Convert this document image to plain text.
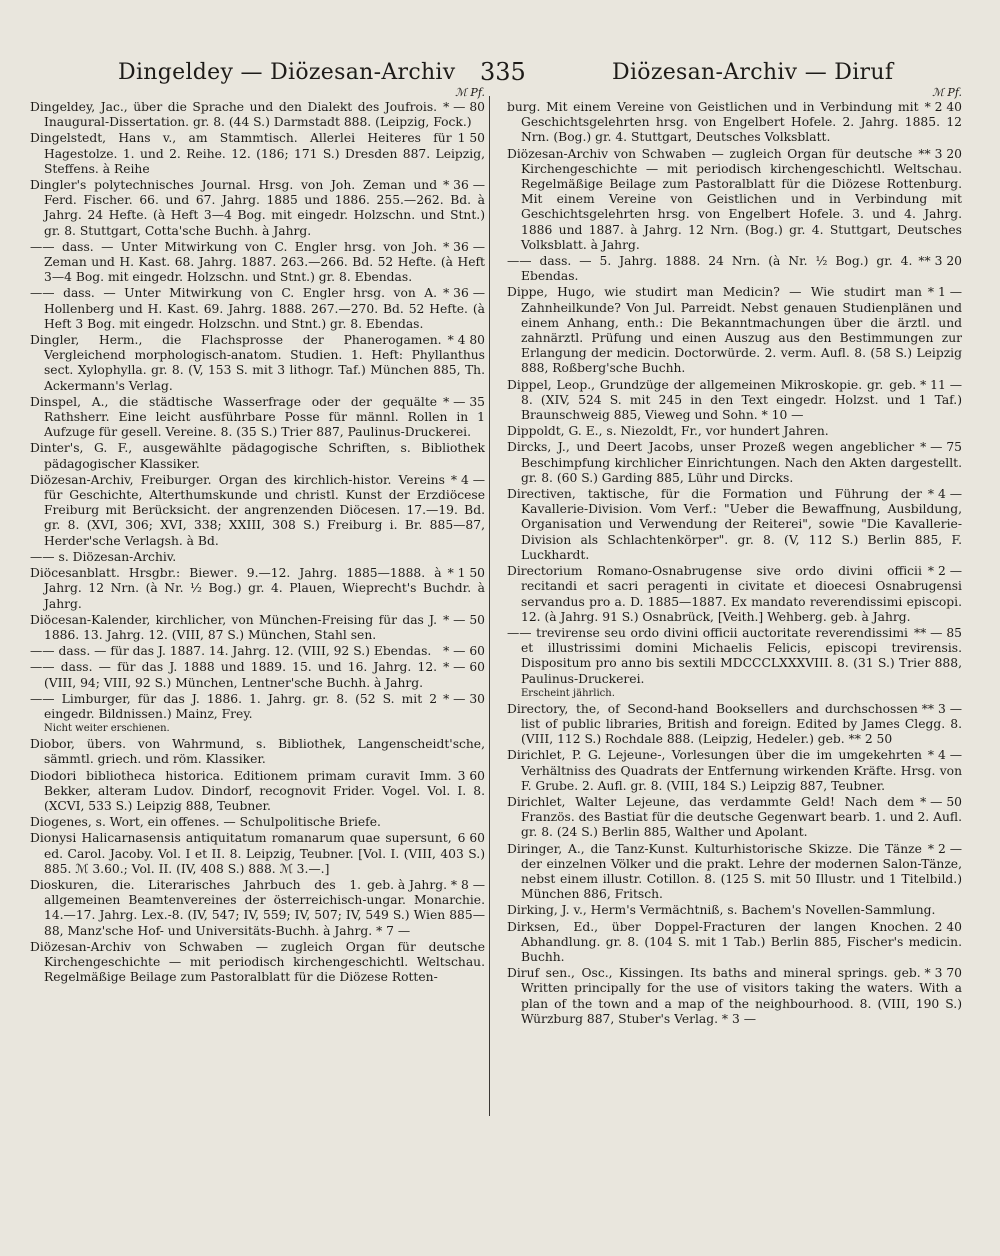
Dingeldey — Diözesan-Archiv 335	Diözesan-Archiv — Diruf
ℳ Pf.
* — 80
Dingeldey, Jac., über die Sprache und den Dialekt des Joufrois. Inaugural-Dissertation. gr. 8. (44 S.) Darmstadt 888. (Leipzig, Fock.)
1 50
Dingelstedt, Hans v., am Stammtisch. Allerlei Heiteres für Hagestolze. 1. und 2. Reihe. 12. (186; 171 S.) Dresden 887. Leipzig, Steffens. à Reihe
* 36 —
Dingler's polytechnisches Journal. Hrsg. von Joh. Zeman und Ferd. Fischer. 66. und 67. Jahrg. 1885 und 1886. 255.—262. Bd. à Jahrg. 24 Hefte. (à Heft 3—4 Bog. mit eingedr. Holzschn. und Stnt.) gr. 8. Stuttgart, Cotta'sche Buchh. à Jahrg.
* 36 —
—— dass. — Unter Mitwirkung von C. Engler hrsg. von Joh. Zeman und H. Kast. 68. Jahrg. 1887. 263.—266. Bd. 52 Hefte. (à Heft 3—4 Bog. mit eingedr. Holzschn. und Stnt.) gr. 8. Ebendas.
* 36 —
—— dass. — Unter Mitwirkung von C. Engler hrsg. von A. Hollenberg und H. Kast. 69. Jahrg. 1888. 267.—270. Bd. 52 Hefte. (à Heft 3 Bog. mit eingedr. Holzschn. und Stnt.) gr. 8. Ebendas.
* 4 80
Dingler, Herm., die Flachsprosse der Phanerogamen. Vergleichend morphologisch-anatom. Studien. 1. Heft: Phyllanthus sect. Xylophylla. gr. 8. (V, 153 S. mit 3 lithogr. Taf.) München 885, Th. Ackermann's Verlag.
* — 35
Dinspel, A., die städtische Wasserfrage oder der gequälte Rathsherr. Eine leicht ausführbare Posse für männl. Rollen in 1 Aufzuge für gesell. Vereine. 8. (35 S.) Trier 887, Paulinus-Druckerei.
Dinter's, G. F., ausgewählte pädagogische Schriften, s. Bibliothek pädagogischer Klassiker.
* 4 —
Diözesan-Archiv, Freiburger. Organ des kirchlich-histor. Vereins für Geschichte, Alterthumskunde und christl. Kunst der Erzdiöcese Freiburg mit Berücksicht. der angrenzenden Diöcesen. 17.—19. Bd. gr. 8. (XVI, 306; XVI, 338; XXIII, 308 S.) Freiburg i. Br. 885—87, Herder'sche Verlagsh. à Bd.
—— s. Diözesan-Archiv.
* 1 50
Diöcesanblatt. Hrsgbr.: Biewег. 9.—12. Jahrg. 1885—1888. à Jahrg. 12 Nrn. (à Nr. ½ Bog.) gr. 4. Plauen, Wieprecht's Buchdr. à Jahrg.
* — 50
Diöcesan-Kalender, kirchlicher, von München-Freising für das J. 1886. 13. Jahrg. 12. (VIII, 87 S.) München, Stahl sen.
* — 60
—— dass. — für das J. 1887. 14. Jahrg. 12. (VIII, 92 S.) Ebendas.
* — 60
—— dass. — für das J. 1888 und 1889. 15. und 16. Jahrg. 12. (VIII, 94; VIII, 92 S.) München, Lentner'sche Buchh. à Jahrg.
* — 30
—— Limburger, für das J. 1886. 1. Jahrg. gr. 8. (52 S. mit 2 eingedr. Bildnissen.) Mainz, Frey.
Nicht weiter erschienen.
Diobor, übers. von Wahrmund, s. Bibliothek, Langenscheidt'sche, sämmtl. griech. und röm. Klassiker.
3 60
Diodori bibliotheca historica. Editionem primam curavit Imm. Bekker, alteram Ludov. Dindorf, recognovit Frider. Vogel. Vol. I. 8. (XCVI, 533 S.) Leipzig 888, Teubner.
Diogenes, s. Wort, ein offenes. — Schulpolitische Briefe.
6 60
Dionysi Halicarnasensis antiquitatum romanarum quae supersunt, ed. Carol. Jacoby. Vol. I et II. 8. Leipzig, Teubner. [Vol. I. (VIII, 403 S.) 885. ℳ 3.60.; Vol. II. (IV, 408 S.) 888. ℳ 3.—.]
geb. à Jahrg. * 8 —
Dioskuren, die. Literarisches Jahrbuch des 1. allgemeinen Beamtenvereines der österreichisch-ungar. Monarchie. 14.—17. Jahrg. Lex.-8. (IV, 547; IV, 559; IV, 507; IV, 549 S.) Wien 885—88, Manz'sche Hof- und Universitäts-Buchh. à Jahrg. * 7 —
Diözesan-Archiv von Schwaben — zugleich Organ für deutsche Kirchengeschichte — mit periodisch kirchengeschichtl. Weltschau. Regelmäßige Beilage zum Pastoralblatt für die Diözese Rotten-
ℳ Pf.
* 2 40
burg. Mit einem Vereine von Geistlichen und in Verbindung mit Geschichtsgelehrten hrsg. von Engelbert Hofele. 2. Jahrg. 1885. 12 Nrn. (Bog.) gr. 4. Stuttgart, Deutsches Volksblatt.
** 3 20
Diözesan-Archiv von Schwaben — zugleich Organ für deutsche Kirchengeschichte — mit periodisch kirchengeschichtl. Weltschau. Regelmäßige Beilage zum Pastoralblatt für die Diözese Rottenburg. Mit einem Vereine von Geistlichen und in Verbindung mit Geschichtsgelehrten hrsg. von Engelbert Hofele. 3. und 4. Jahrg. 1886 und 1887. à Jahrg. 12 Nrn. (Bog.) gr. 4. Stuttgart, Deutsches Volksblatt. à Jahrg.
** 3 20
—— dass. — 5. Jahrg. 1888. 24 Nrn. (à Nr. ½ Bog.) gr. 4. Ebendas.
* 1 —
Dippe, Hugo, wie studirt man Medicin? — Wie studirt man Zahnheilkunde? Von Jul. Parreidt. Nebst genauen Studienplänen und einem Anhang, enth.: Die Bekanntmachungen über die ärztl. und zahnärztl. Prüfung und einen Auszug aus den Bestimmungen zur Erlangung der medicin. Doctorwürde. 2. verm. Aufl. 8. (58 S.) Leipzig 888, Roßberg'sche Buchh.
geb. * 11 —
Dippel, Leop., Grundzüge der allgemeinen Mikroskopie. gr. 8. (XIV, 524 S. mit 245 in den Text eingedr. Holzst. und 1 Taf.) Braunschweig 885, Vieweg und Sohn. * 10 —
Dippoldt, G. E., s. Niezoldt, Fr., vor hundert Jahren.
* — 75
Dircks, J., und Deert Jacobs, unser Prozeß wegen angeblicher Beschimpfung kirchlicher Einrichtungen. Nach den Akten dargestellt. gr. 8. (60 S.) Garding 885, Lühr und Dircks.
* 4 —
Directiven, taktische, für die Formation und Führung der Kavallerie-Division. Vom Verf.: "Ueber die Bewaffnung, Ausbildung, Organisation und Verwendung der Reiterei", sowie "Die Kavallerie-Division als Schlachtenkörper". gr. 8. (V, 112 S.) Berlin 885, F. Luckhardt.
* 2 —
Directorium Romano-Osnabrugense sive ordo divini officii recitandi et sacri peragenti in civitate et dioecesi Osnabrugensi servandus pro a. D. 1885—1887. Ex mandato reverendissimi episcopi. 12. (à Jahrg. 91 S.) Osnabrück, [Veith.] Wehberg. geb. à Jahrg.
** — 85
—— trevirense seu ordo divini officii auctoritate reverendissimi et illustrissimi domini Michaelis Felicis, episcopi trevirensis. Dispositum pro anno bis sextili MDCCCLXXXVIII. 8. (31 S.) Trier 888, Paulinus-Druckerei.
Erscheint jährlich.
durchschossen ** 3 —
Directory, the, of Second-hand Booksellers and list of public libraries, British and foreign. Edited by James Clegg. 8. (VIII, 112 S.) Rochdale 888. (Leipzig, Hedeler.) geb. ** 2 50
* 4 —
Dirichlet, P. G. Lejeune-, Vorlesungen über die im umgekehrten Verhältniss des Quadrats der Entfernung wirkenden Kräfte. Hrsg. von F. Grube. 2. Aufl. gr. 8. (VIII, 184 S.) Leipzig 887, Teubner.
* — 50
Dirichlet, Walter Lejeune, das verdammte Geld! Nach dem Französ. des Bastiat für die deutsche Gegenwart bearb. 1. und 2. Aufl. gr. 8. (24 S.) Berlin 885, Walther und Apolant.
* 2 —
Diringer, A., die Tanz-Kunst. Kulturhistorische Skizze. Die Tänze der einzelnen Völker und die prakt. Lehre der modernen Salon-Tänze, nebst einem illustr. Cotillon. 8. (125 S. mit 50 Illustr. und 1 Titelbild.) München 886, Fritsch.
Dirking, J. v., Herm's Vermächtniß, s. Bachem's Novellen-Sammlung.
2 40
Dirksen, Ed., über Doppel-Fracturen der langen Knochen. Abhandlung. gr. 8. (104 S. mit 1 Tab.) Berlin 885, Fischer's medicin. Buchh.
geb. * 3 70
Diruf sen., Osc., Kissingen. Its baths and mineral springs. Written principally for the use of visitors taking the waters. With a plan of the town and a map of the neighbourhood. 8. (VIII, 190 S.) Würzburg 887, Stuber's Verlag. * 3 —
